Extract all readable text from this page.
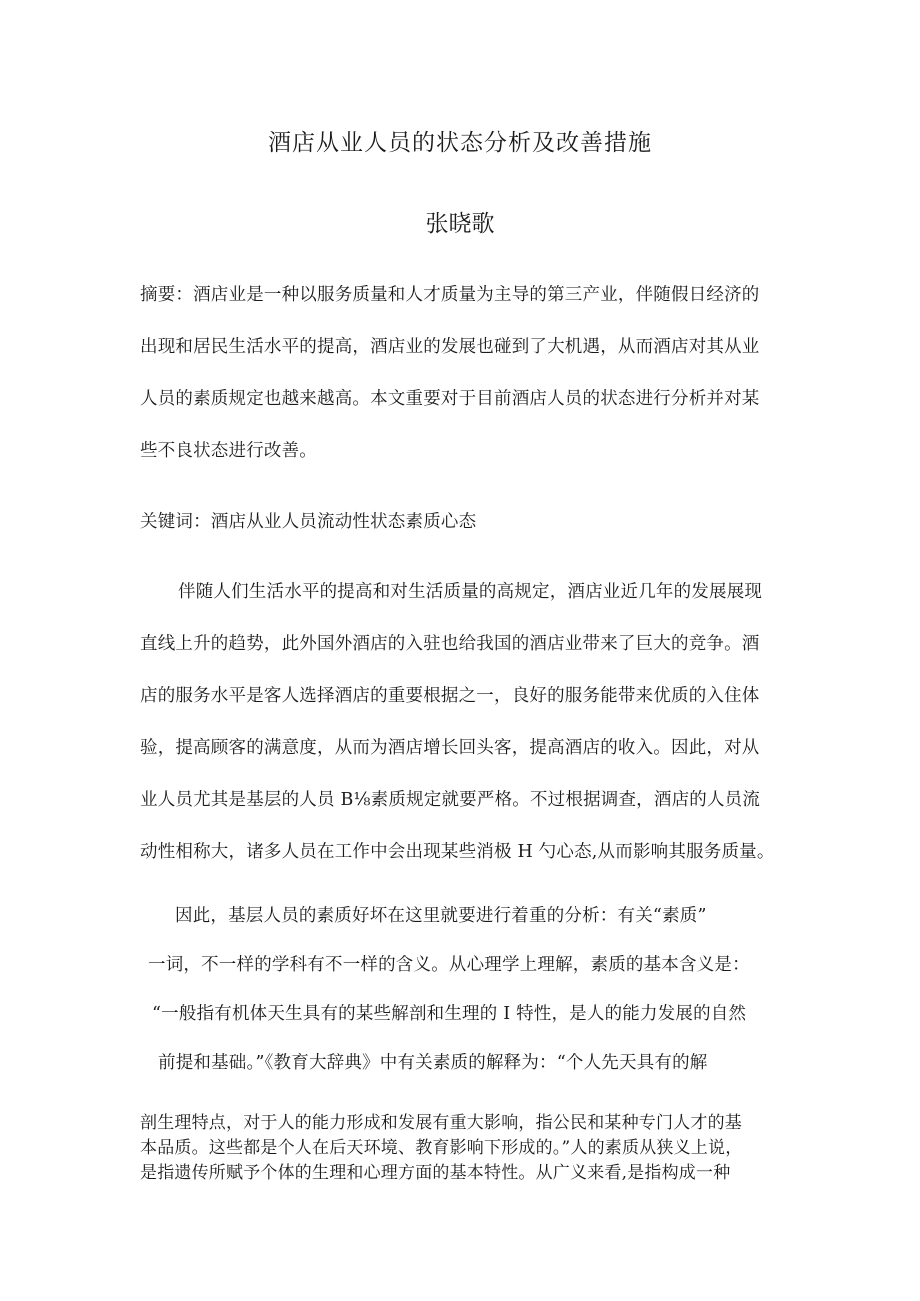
酒店从业人员的状态分析及改善措施
张晓歌
摘要：酒店业是一种以服务质量和人才质量为主导的第三产业，伴随假日经济的
出现和居民生活水平的提高，酒店业的发展也碰到了大机遇，从而酒店对其从业
人员的素质规定也越来越高。本文重要对于目前酒店人员的状态进行分析并对某
些不良状态进行改善。
关键词：酒店从业人员流动性状态素质心态
伴随人们生活水平的提高和对生活质量的高规定，酒店业近几年的发展展现
直线上升的趋势，此外国外酒店的入驻也给我国的酒店业带来了巨大的竞争。酒
店的服务水平是客人选择酒店的重要根据之一，良好的服务能带来优质的入住体
验，提高顾客的满意度，从而为酒店增长回头客，提高酒店的收入。因此，对从
业人员尤其是基层的人员 B⅛素质规定就要严格。不过根据调查，酒店的人员流
动性相称大，诸多人员在工作中会出现某些消极 H 勺心态,从而影响其服务质量。
因此，基层人员的素质好坏在这里就要进行着重的分析：有关“素质”
一词，不一样的学科有不一样的含义。从心理学上理解，素质的基本含义是：
“一般指有机体天生具有的某些解剖和生理的 I 特性，是人的能力发展的自然
前提和基础。”《教育大辞典》中有关素质的解释为：“个人先天具有的解
剖生理特点，对于人的能力形成和发展有重大影响，指公民和某种专门人才的基
本品质。这些都是个人在后天环境、教育影响下形成的。”人的素质从狭义上说，
是指遗传所赋予个体的生理和心理方面的基本特性。从广义来看,是指构成一种
